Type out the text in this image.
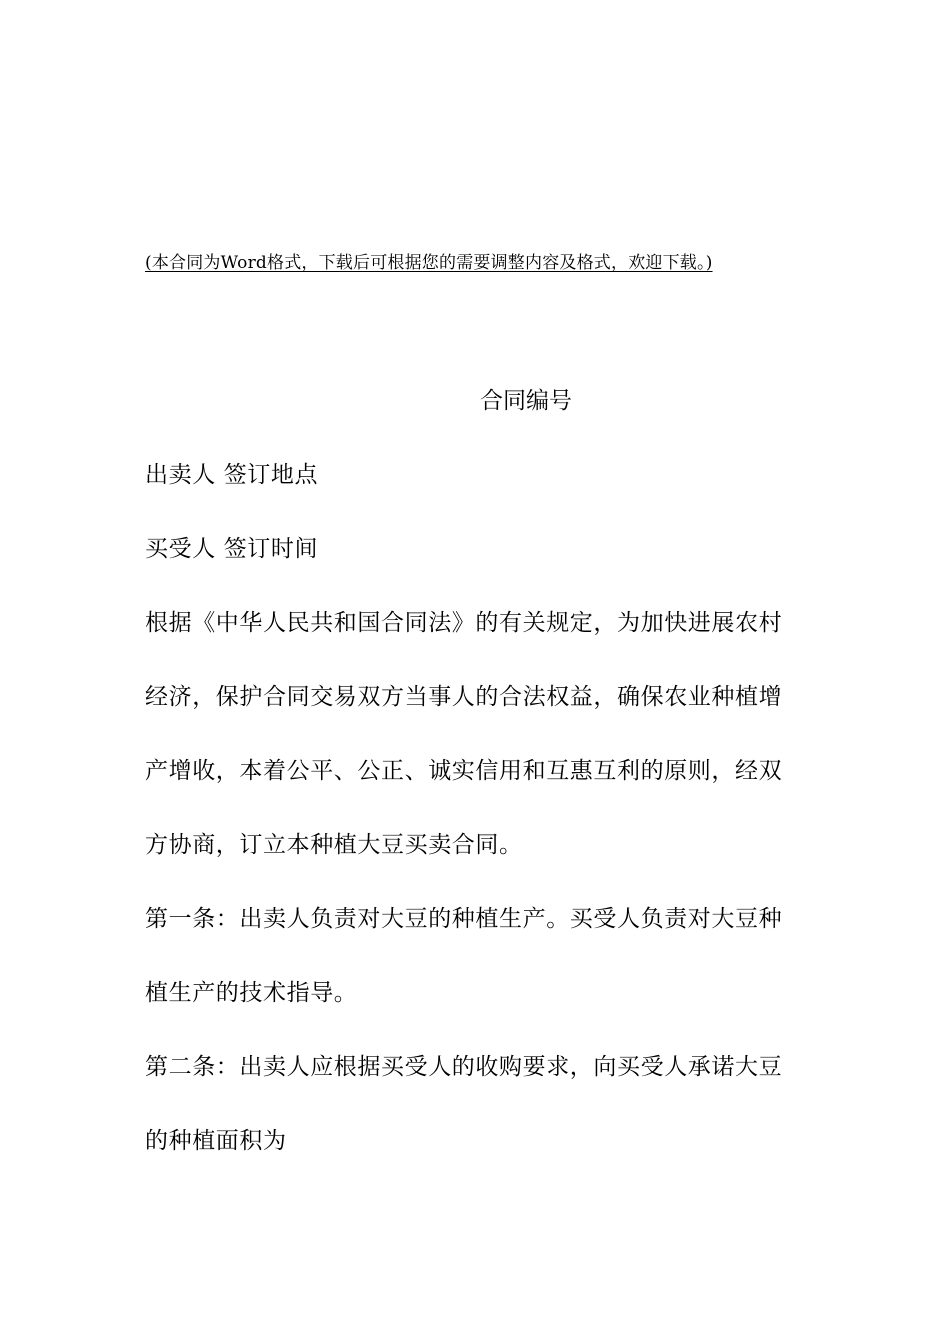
(本合同为Word格式，下载后可根据您的需要调整内容及格式，欢迎下载。)
合同编号
出卖人 签订地点
买受人 签订时间
根据《中华人民共和国合同法》的有关规定，为加快进展农村
经济，保护合同交易双方当事人的合法权益，确保农业种植增
产增收，本着公平、公正、诚实信用和互惠互利的原则，经双
方协商，订立本种植大豆买卖合同。
第一条：出卖人负责对大豆的种植生产。买受人负责对大豆种
植生产的技术指导。
第二条：出卖人应根据买受人的收购要求，向买受人承诺大豆
的种植面积为
